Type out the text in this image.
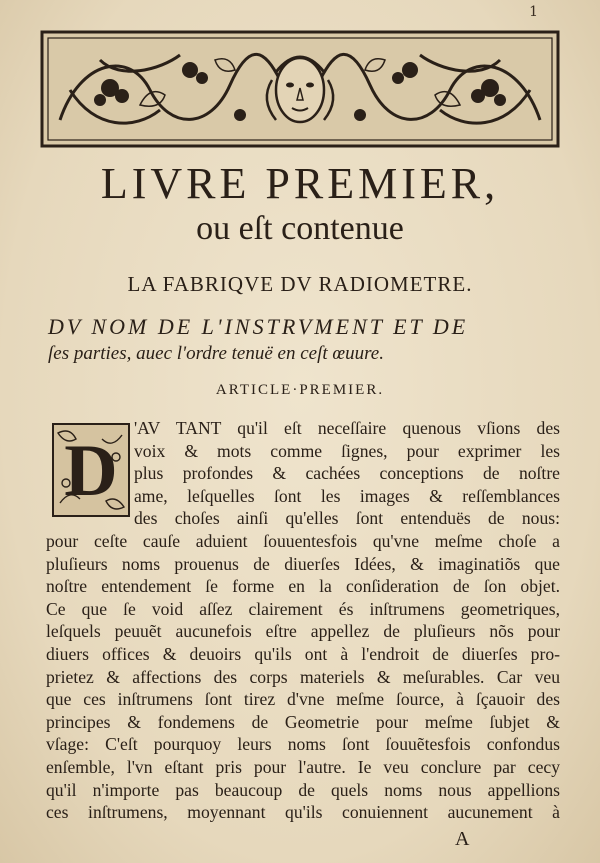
1
LIVRE PREMIER,
ou eſt contenue
LA FABRIQVE DV RADIOMETRE.
DV NOM DE L'INSTRVMENT ET DE
ſes parties, auec l'ordre tenuë en ceſt œuure.
ARTICLE·PREMIER.
D
'AV TANT qu'il eſt neceſſaire quenous vſions des
voix & mots comme ſignes, pour exprimer les
plus profondes & cachées conceptions de noſtre
ame, leſquelles ſont les images & reſſemblances
des choſes ainſi qu'elles ſont entenduës de nous:
pour ceſte cauſe aduient ſouuentesfois qu'vne meſme choſe a
pluſieurs noms prouenus de diuerſes Idées, & imaginatiõs que
noſtre entendement ſe forme en la conſideration de ſon objet.
Ce que ſe void aſſez clairement és inſtrumens geometriques,
leſquels peuuẽt aucunefois eſtre appellez de pluſieurs nõs pour
diuers offices & deuoirs qu'ils ont à l'endroit de diuerſes pro-
prietez & affections des corps materiels & meſurables. Car veu
que ces inſtrumens ſont tirez d'vne meſme ſource, à ſçauoir des
principes & fondemens de Geometrie pour meſme ſubjet &
vſage: C'eſt pourquoy leurs noms ſont ſouuẽtesfois confondus
enſemble, l'vn eſtant pris pour l'autre. Ie veu conclure par cecy
qu'il n'importe pas beaucoup de quels noms nous appellions
ces inſtrumens, moyennant qu'ils conuiennent aucunement à
A
